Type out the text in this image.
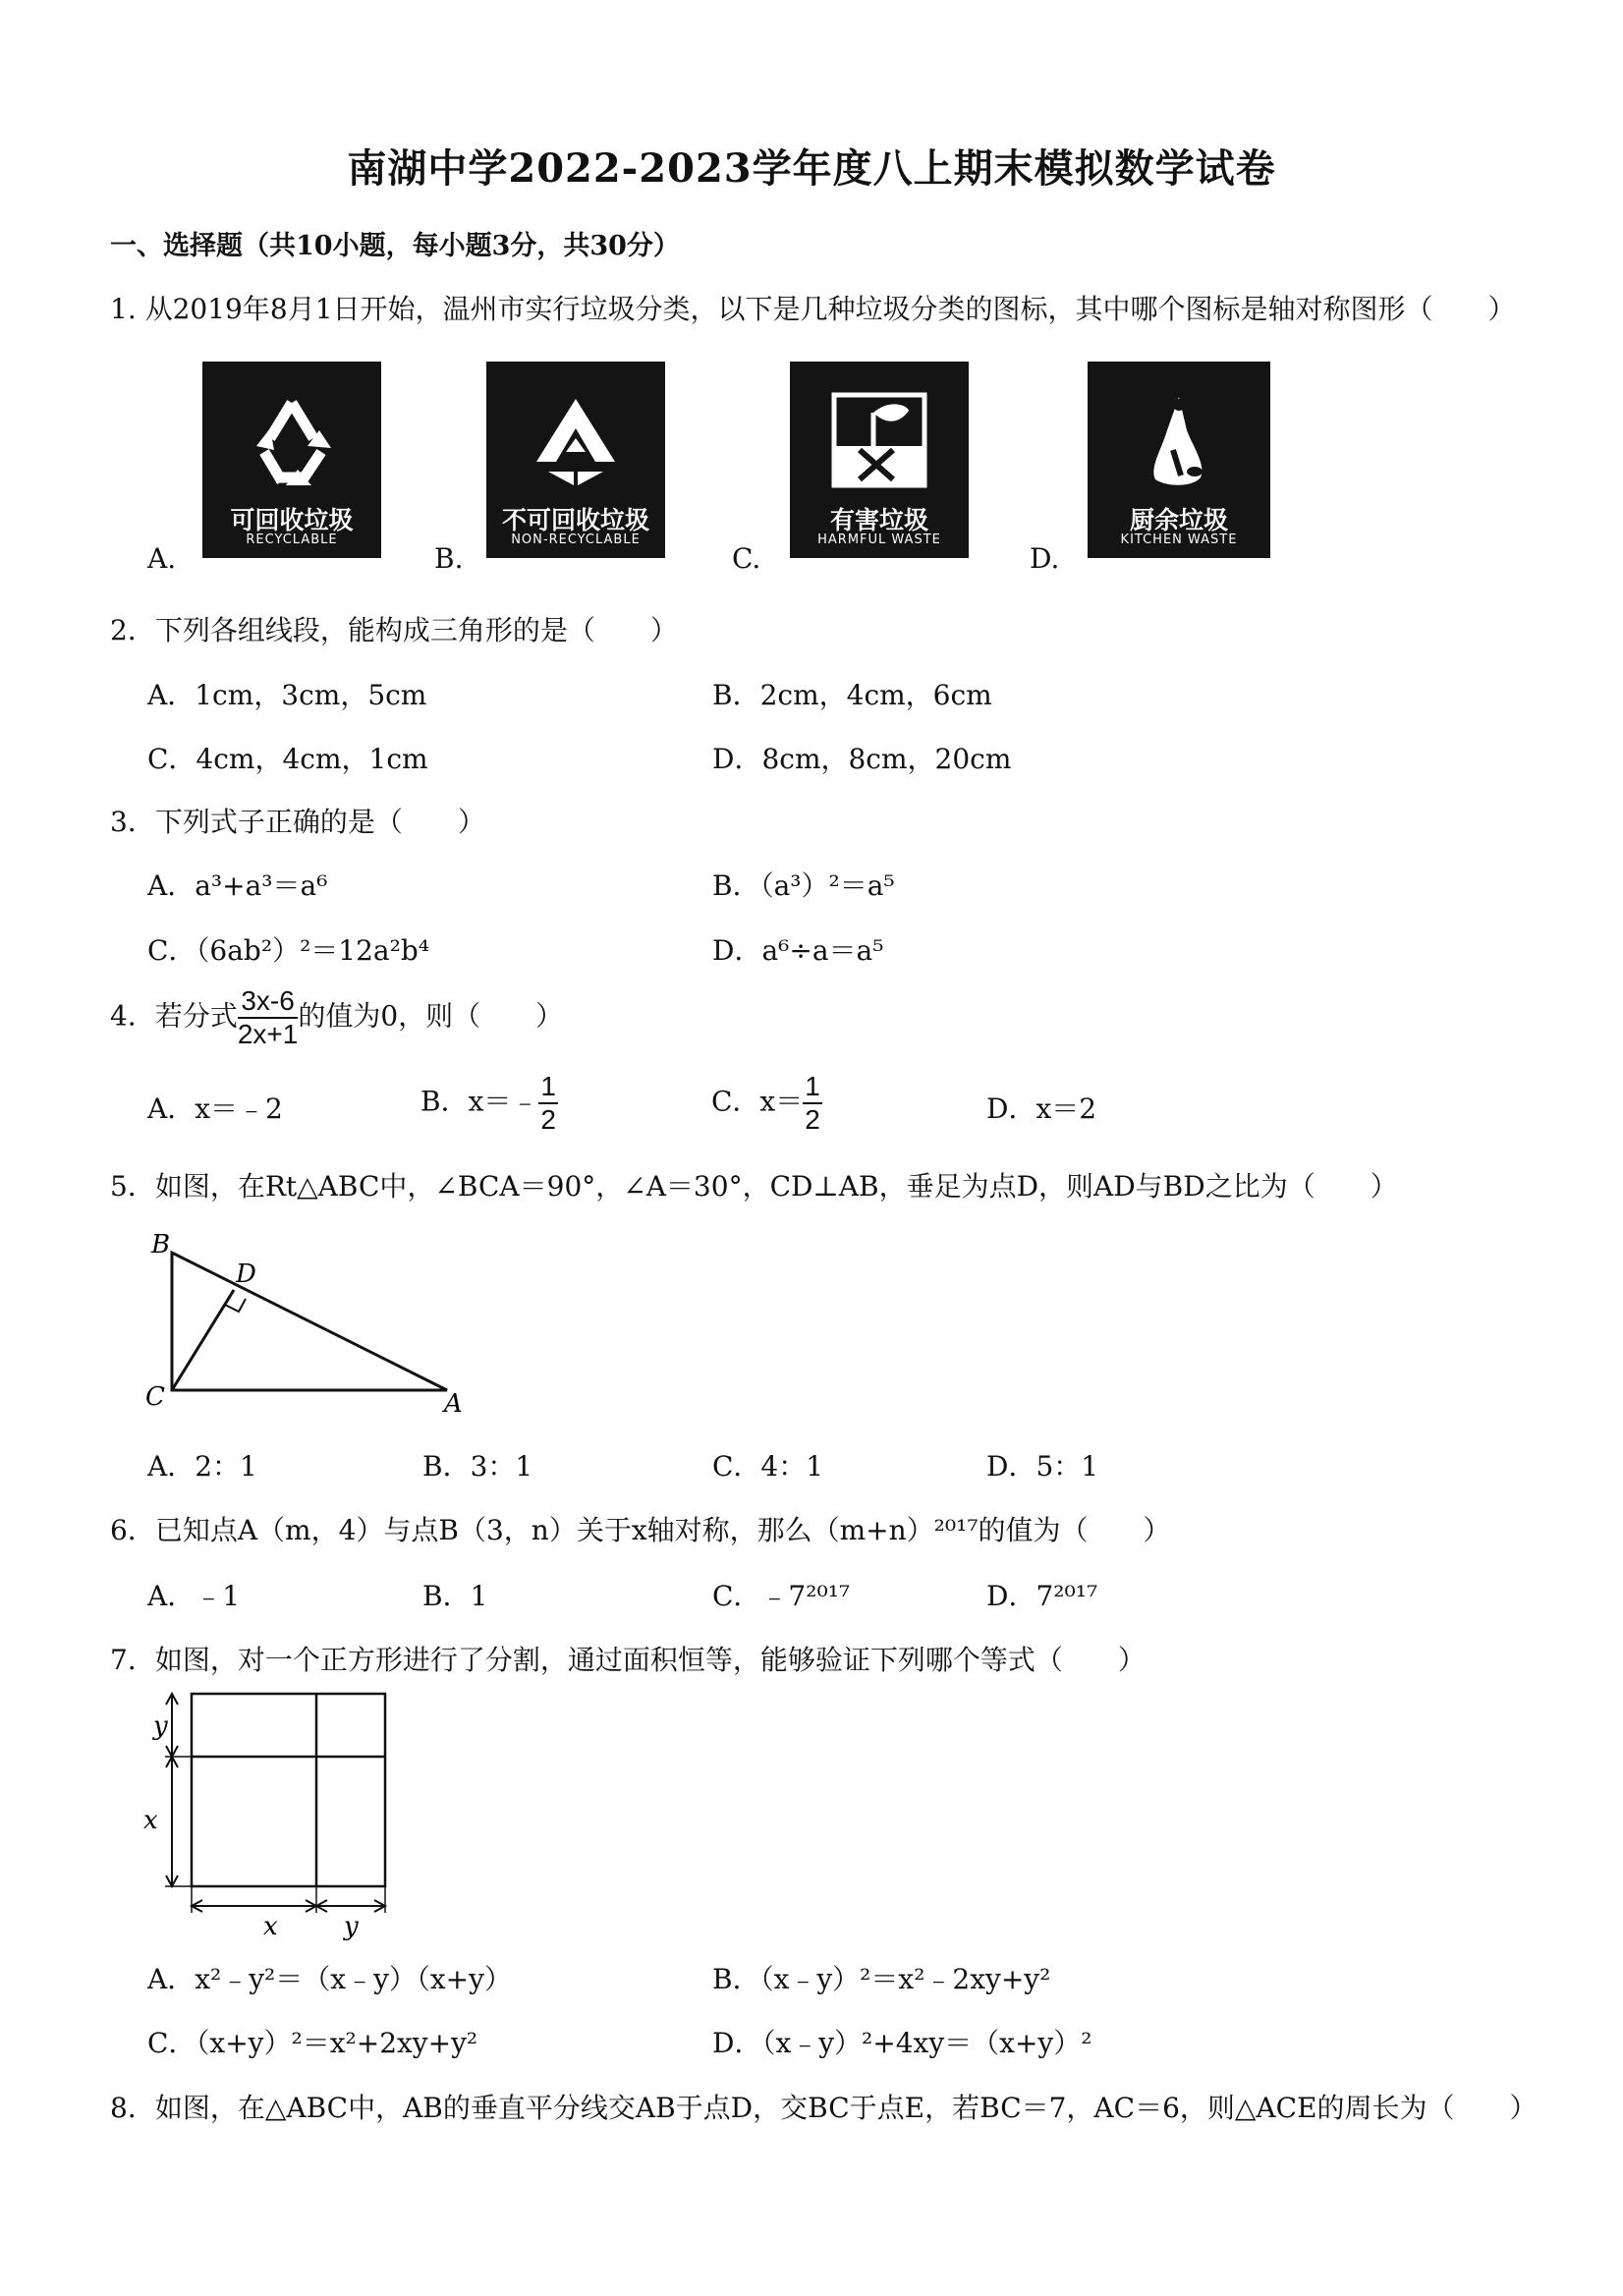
南湖中学2022-2023学年度八上期末模拟数学试卷
一、选择题（共10小题，每小题3分，共30分）
1. 从2019年8月1日开始，温州市实行垃圾分类，以下是几种垃圾分类的图标，其中哪个图标是轴对称图形（　　）
A.
可回收垃圾
RECYCLABLE
B.
不可回收垃圾
NON-RECYCLABLE
C.
有害垃圾
HARMFUL WASTE
D.
厨余垃圾
KITCHEN WASTE
2．下列各组线段，能构成三角形的是（　　）
A．1cm，3cm，5cm	B．2cm，4cm，6cm
C．4cm，4cm，1cm	D．8cm，8cm，20cm
3．下列式子正确的是（　　）
A．a³+a³＝a⁶	B．（a³）²＝a⁵
C．（6ab²）²＝12a²b⁴	D．a⁶÷a＝a⁵
4．若分式 $\frac{3x-6}{2x+1}$ 的值为0，则（　　）
A．x＝﹣2	B．x＝﹣ $\frac{1}{2}$	C．$x= \frac{1}{2}$	D．x＝2
5．如图，在Rt△ABC中，∠BCA＝90°，∠A＝30°，CD⊥AB，垂足为点D，则AD与BD之比为（　　）
B
D
C	A
A．2：1	B．3：1	C．4：1	D．5：1
6．已知点A（m，4）与点B（3，n）关于x轴对称，那么（m+n）²⁰¹⁷的值为（　　）
A．﹣1	B．1	C．﹣7²⁰¹⁷	D．7²⁰¹⁷
7．如图，对一个正方形进行了分割，通过面积恒等，能够验证下列哪个等式（　　）
y
x
x	y
A．x²﹣y²＝（x﹣y）（x+y）	B．（x﹣y）²＝x²﹣2xy+y²
C．（x+y）²＝x²+2xy+y²	D．（x﹣y）²+4xy＝（x+y）²
8．如图，在△ABC中，AB的垂直平分线交AB于点D，交BC于点E，若BC＝7，AC＝6，则△ACE的周长为（　　）
